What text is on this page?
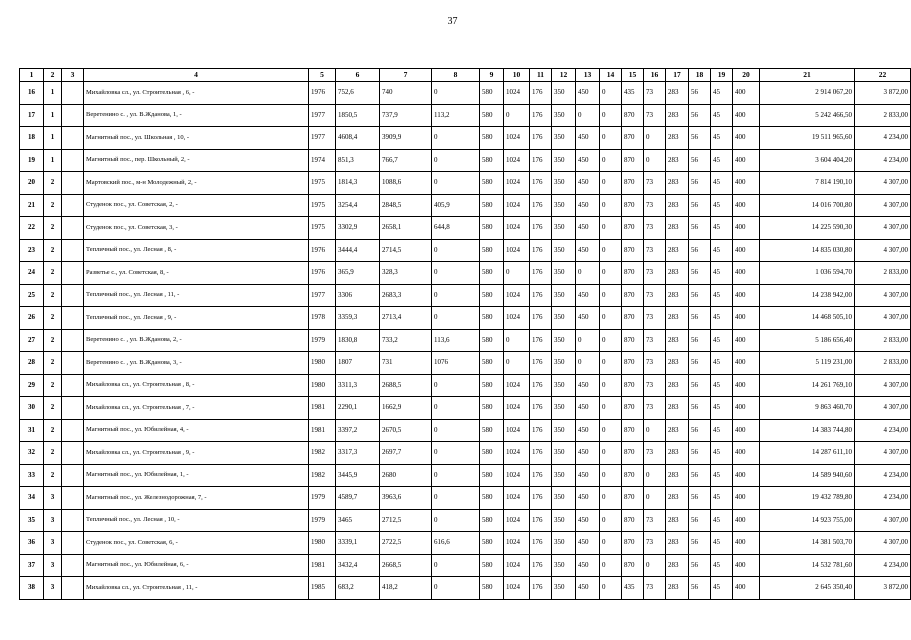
37
1	2	3	4	5	6	7	8	9	10	11	12	13	14	15	16	17	18	19	20	21	22
16	1		Михайловка сл., ул. Строительная , 6, -	1976	752,6	740	0	580	1024	176	350	450	0	435	73	283	56	45	400	2 914 067,20	3 872,00
17	1		Веретенино с. , ул. В.Жданова, 1, -	1977	1850,5	737,9	113,2	580	0	176	350	0	0	870	73	283	56	45	400	5 242 466,50	2 833,00
18	1		Магнитный пос., ул. Школьная , 10, -	1977	4608,4	3909,9	0	580	1024	176	350	450	0	870	0	283	56	45	400	19 511 965,60	4 234,00
19	1		Магнитный пос., пер. Школьный, 2, -	1974	851,3	766,7	0	580	1024	176	350	450	0	870	0	283	56	45	400	3 604 404,20	4 234,00
20	2		Мартовский пос., м-н Молодежный, 2, -	1975	1814,3	1088,6	0	580	1024	176	350	450	0	870	73	283	56	45	400	7 814 190,10	4 307,00
21	2		Студенок пос., ул. Советская, 2, -	1975	3254,4	2848,5	405,9	580	1024	176	350	450	0	870	73	283	56	45	400	14 016 700,80	4 307,00
22	2		Студенок пос., ул. Советская, 3, -	1975	3302,9	2658,1	644,8	580	1024	176	350	450	0	870	73	283	56	45	400	14 225 590,30	4 307,00
23	2		Тепличный пос., ул. Лесная , 8, -	1976	3444,4	2714,5	0	580	1024	176	350	450	0	870	73	283	56	45	400	14 835 030,80	4 307,00
24	2		Разветье с., ул. Советская, 8, -	1976	365,9	328,3	0	580	0	176	350	0	0	870	73	283	56	45	400	1 036 594,70	2 833,00
25	2		Тепличный пос., ул. Лесная , 11, -	1977	3306	2683,3	0	580	1024	176	350	450	0	870	73	283	56	45	400	14 238 942,00	4 307,00
26	2		Тепличный пос., ул. Лесная , 9, -	1978	3359,3	2713,4	0	580	1024	176	350	450	0	870	73	283	56	45	400	14 468 505,10	4 307,00
27	2		Веретенино с. , ул. В.Жданова, 2, -	1979	1830,8	733,2	113,6	580	0	176	350	0	0	870	73	283	56	45	400	5 186 656,40	2 833,00
28	2		Веретенино с. , ул. В.Жданова, 3, -	1980	1807	731	1076	580	0	176	350	0	0	870	73	283	56	45	400	5 119 231,00	2 833,00
29	2		Михайловка сл., ул. Строительная , 8, -	1980	3311,3	2688,5	0	580	1024	176	350	450	0	870	73	283	56	45	400	14 261 769,10	4 307,00
30	2		Михайловка сл., ул. Строительная , 7, -	1981	2290,1	1662,9	0	580	1024	176	350	450	0	870	73	283	56	45	400	9 863 460,70	4 307,00
31	2		Магнитный пос., ул. Юбилейная, 4, -	1981	3397,2	2670,5	0	580	1024	176	350	450	0	870	0	283	56	45	400	14 383 744,80	4 234,00
32	2		Михайловка сл., ул. Строительная , 9, -	1982	3317,3	2697,7	0	580	1024	176	350	450	0	870	73	283	56	45	400	14 287 611,10	4 307,00
33	2		Магнитный пос., ул. Юбилейная, 1, -	1982	3445,9	2680	0	580	1024	176	350	450	0	870	0	283	56	45	400	14 589 940,60	4 234,00
34	3		Магнитный пос., ул. Железнодорожная, 7, -	1979	4589,7	3963,6	0	580	1024	176	350	450	0	870	0	283	56	45	400	19 432 789,80	4 234,00
35	3		Тепличный пос., ул. Лесная , 10, -	1979	3465	2712,5	0	580	1024	176	350	450	0	870	73	283	56	45	400	14 923 755,00	4 307,00
36	3		Студенок пос., ул. Советская, 6, -	1980	3339,1	2722,5	616,6	580	1024	176	350	450	0	870	73	283	56	45	400	14 381 503,70	4 307,00
37	3		Магнитный пос., ул. Юбилейная, 6, -	1981	3432,4	2668,5	0	580	1024	176	350	450	0	870	0	283	56	45	400	14 532 781,60	4 234,00
38	3		Михайловка сл., ул. Строительная , 11, -	1985	683,2	418,2	0	580	1024	176	350	450	0	435	73	283	56	45	400	2 645 350,40	3 872,00
